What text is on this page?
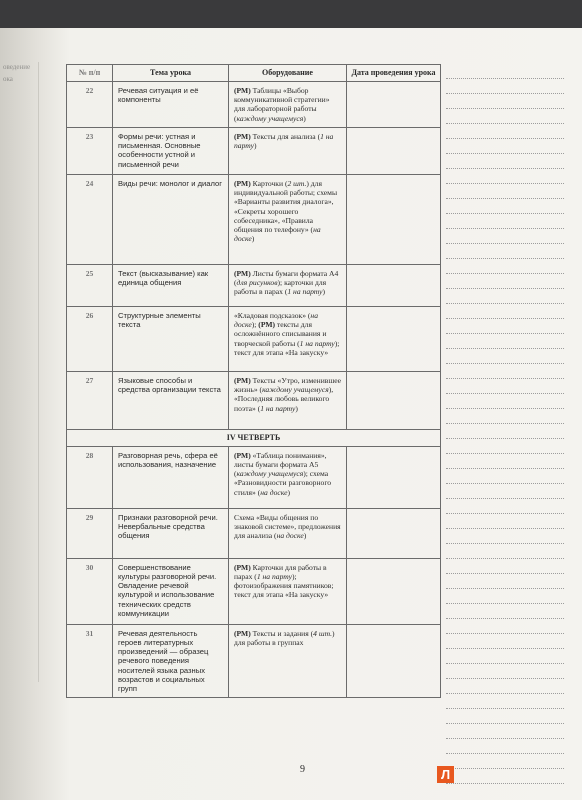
оведение
ока
№ п/п	Тема урока	Оборудование	Дата проведения урока
22	Речевая ситуация и её компоненты	(РМ) Таблицы «Выбор коммуникативной стратегии» для лабораторной работы (каждому учащемуся)	
23	Формы речи: устная и письменная. Основные особенности устной и письменной речи	(РМ) Тексты для анализа (1 на парту)	
24	Виды речи: монолог и диалог	(РМ) Карточки (2 шт.) для индивидуальной работы; схемы «Варианты развития диалога», «Секреты хорошего собеседника», «Правила общения по телефону» (на доске)	
25	Текст (высказывание) как единица общения	(РМ) Листы бумаги формата А4 (для рисунков); карточки для работы в парах (1 на парту)	
26	Структурные элементы текста	«Кладовая подсказок» (на доске); (РМ) тексты для осложнённого списывания и творческой работы (1 на парту); текст для этапа «На закуску»	
27	Языковые способы и средства организации текста	(РМ) Тексты «Утро, изменившее жизнь» (каждому учащемуся), «Последняя любовь великого поэта» (1 на парту)	
IV ЧЕТВЕРТЬ			
28	Разговорная речь, сфера её использования, назначение	(РМ) «Таблица понимания», листы бумаги формата А5 (каждому учащемуся); схема «Разновидности разговорного стиля» (на доске)	
29	Признаки разговорной речи. Невербальные средства общения	Схема «Виды общения по знаковой системе», предложения для анализа (на доске)	
30	Совершенствование культуры разговорной речи. Овладение речевой культурой и использование технических средств коммуникации	(РМ) Карточки для работы в парах (1 на парту); фотоизображения памятников; текст для этапа «На закуску»	
31	Речевая деятельность героев литературных произведений — образец речевого поведения носителей языка разных возрастов и социальных групп	(РМ) Тексты и задания (4 шт.) для работы в группах	
9	Л
